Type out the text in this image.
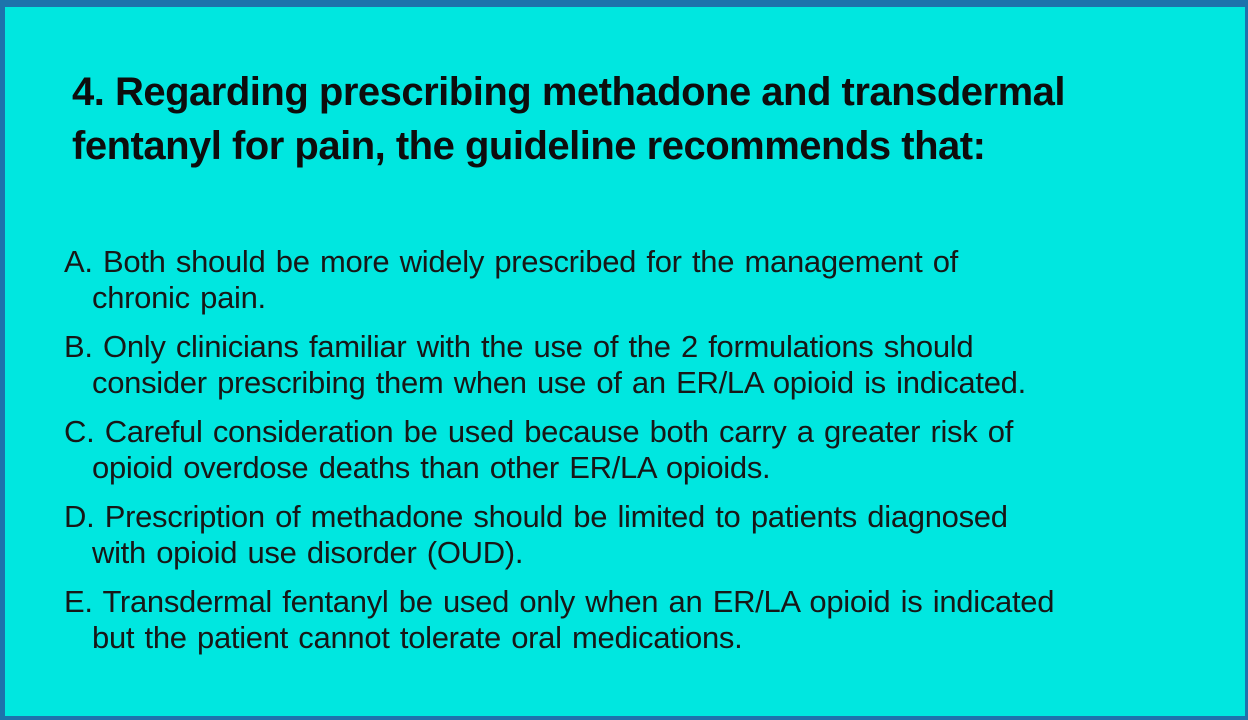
4. Regarding prescribing methadone and transdermal
fentanyl for pain, the guideline recommends that:
A. Both should be more widely prescribed for the management of
chronic pain.
B. Only clinicians familiar with the use of the 2 formulations should
consider prescribing them when use of an ER/LA opioid is indicated.
C. Careful consideration be used because both carry a greater risk of
opioid overdose deaths than other ER/LA opioids.
D. Prescription of methadone should be limited to patients diagnosed
with opioid use disorder (OUD).
E. Transdermal fentanyl be used only when an ER/LA opioid is indicated
but the patient cannot tolerate oral medications.
